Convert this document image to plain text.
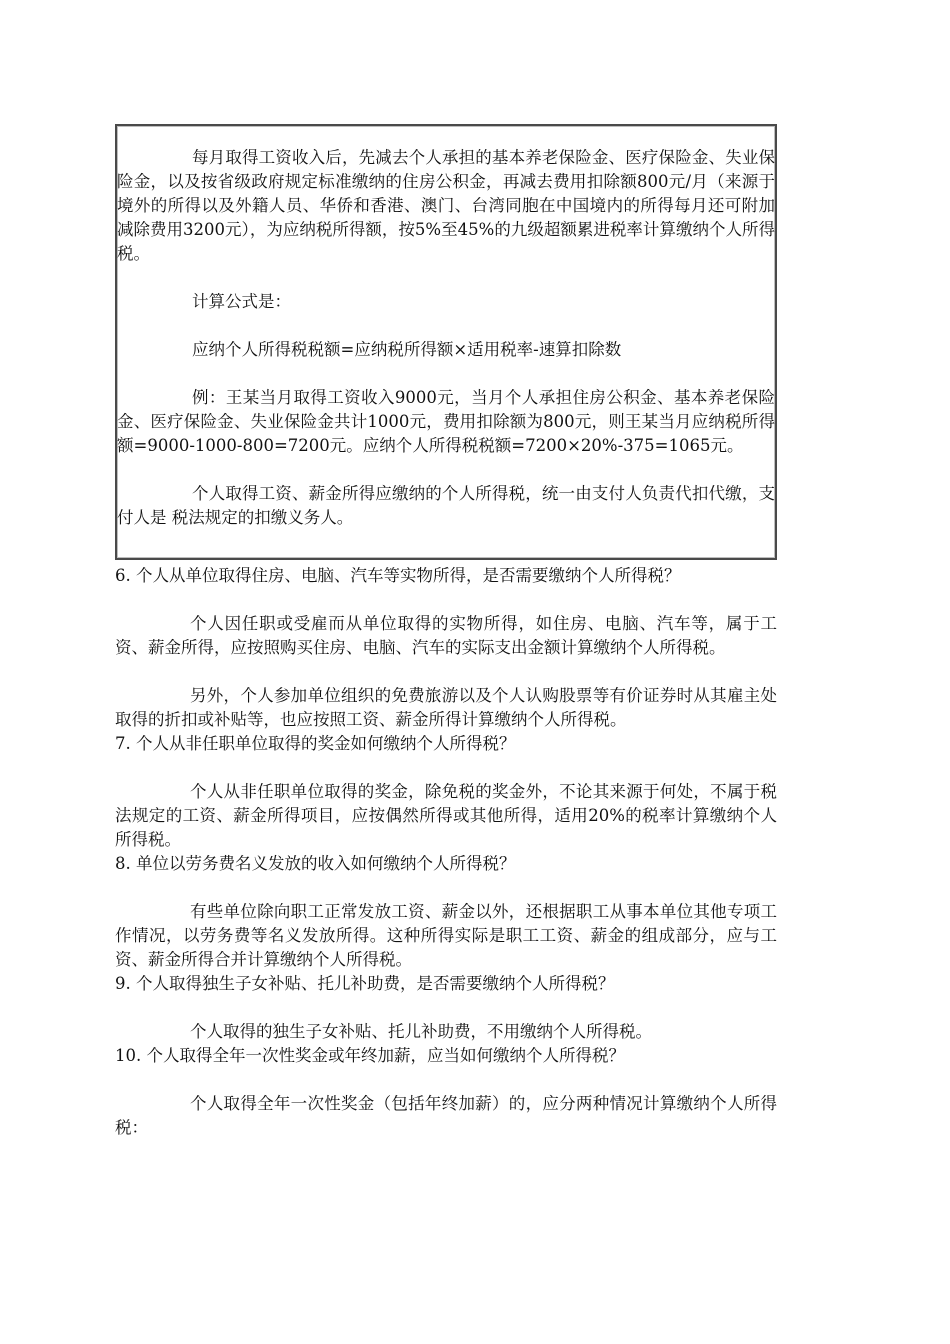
每月取得工资收入后，先减去个人承担的基本养老保险金、医疗保险金、失业保险金，以及按省级政府规定标准缴纳的住房公积金，再减去费用扣除额800元/月（来源于境外的所得以及外籍人员、华侨和香港、澳门、台湾同胞在中国境内的所得每月还可附加减除费用3200元），为应纳税所得额，按5%至45%的九级超额累进税率计算缴纳个人所得税。

计算公式是：

应纳个人所得税税额=应纳税所得额×适用税率-速算扣除数

例：王某当月取得工资收入9000元，当月个人承担住房公积金、基本养老保险金、医疗保险金、失业保险金共计1000元，费用扣除额为800元，则王某当月应纳税所得额=9000-1000-800=7200元。应纳个人所得税税额=7200×20%-375=1065元。

个人取得工资、薪金所得应缴纳的个人所得税，统一由支付人负责代扣代缴，支付人是 税法规定的扣缴义务人。

6. 个人从单位取得住房、电脑、汽车等实物所得，是否需要缴纳个人所得税？

个人因任职或受雇而从单位取得的实物所得，如住房、电脑、汽车等，属于工资、薪金所得，应按照购买住房、电脑、汽车的实际支出金额计算缴纳个人所得税。

另外，个人参加单位组织的免费旅游以及个人认购股票等有价证券时从其雇主处取得的折扣或补贴等，也应按照工资、薪金所得计算缴纳个人所得税。

7. 个人从非任职单位取得的奖金如何缴纳个人所得税？

个人从非任职单位取得的奖金，除免税的奖金外，不论其来源于何处，不属于税法规定的工资、薪金所得项目，应按偶然所得或其他所得，适用20%的税率计算缴纳个人所得税。

8. 单位以劳务费名义发放的收入如何缴纳个人所得税？

有些单位除向职工正常发放工资、薪金以外，还根据职工从事本单位其他专项工作情况，以劳务费等名义发放所得。这种所得实际是职工工资、薪金的组成部分，应与工资、薪金所得合并计算缴纳个人所得税。

9. 个人取得独生子女补贴、托儿补助费，是否需要缴纳个人所得税？

个人取得的独生子女补贴、托儿补助费，不用缴纳个人所得税。

10. 个人取得全年一次性奖金或年终加薪，应当如何缴纳个人所得税？

个人取得全年一次性奖金（包括年终加薪）的，应分两种情况计算缴纳个人所得税：
